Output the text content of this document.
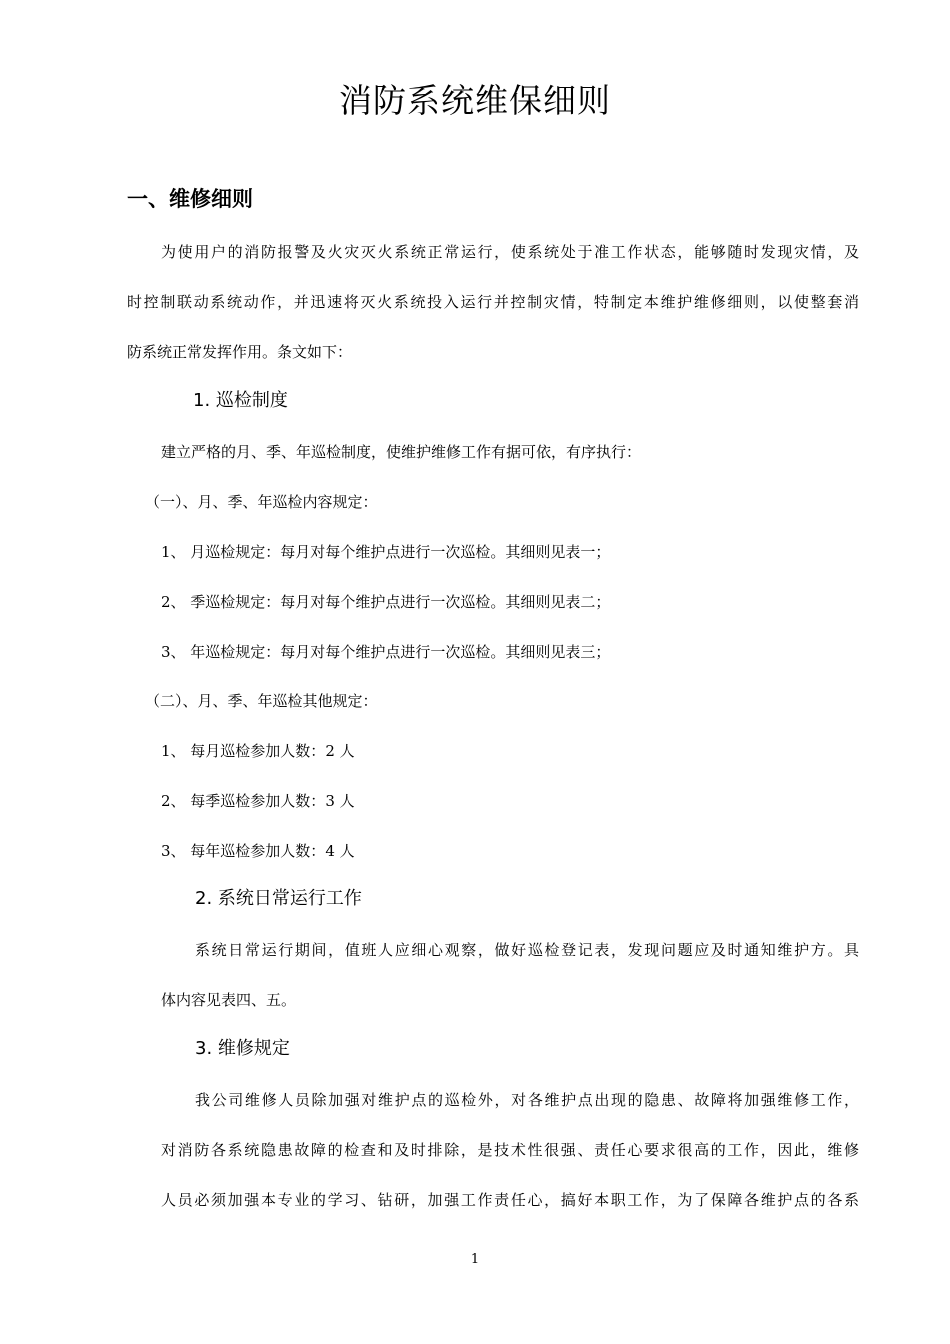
消防系统维保细则
一、维修细则
为使用户的消防报警及火灾灭火系统正常运行，使系统处于准工作状态，能够随时发现灾情，及
时控制联动系统动作，并迅速将灭火系统投入运行并控制灾情，特制定本维护维修细则，以使整套消
防系统正常发挥作用。条文如下：
1. 巡检制度
建立严格的月、季、年巡检制度，使维护维修工作有据可依，有序执行：
（一）、月、季、年巡检内容规定：
1、 月巡检规定：每月对每个维护点进行一次巡检。其细则见表一；
2、 季巡检规定：每月对每个维护点进行一次巡检。其细则见表二；
3、 年巡检规定：每月对每个维护点进行一次巡检。其细则见表三；
（二）、月、季、年巡检其他规定：
1、 每月巡检参加人数：2 人
2、 每季巡检参加人数：3 人
3、 每年巡检参加人数：4 人
2. 系统日常运行工作
系统日常运行期间，值班人应细心观察，做好巡检登记表，发现问题应及时通知维护方。具
体内容见表四、五。
3. 维修规定
我公司维修人员除加强对维护点的巡检外，对各维护点出现的隐患、故障将加强维修工作，
对消防各系统隐患故障的检查和及时排除，是技术性很强、责任心要求很高的工作，因此，维修
人员必须加强本专业的学习、钻研，加强工作责任心，搞好本职工作，为了保障各维护点的各系
1
